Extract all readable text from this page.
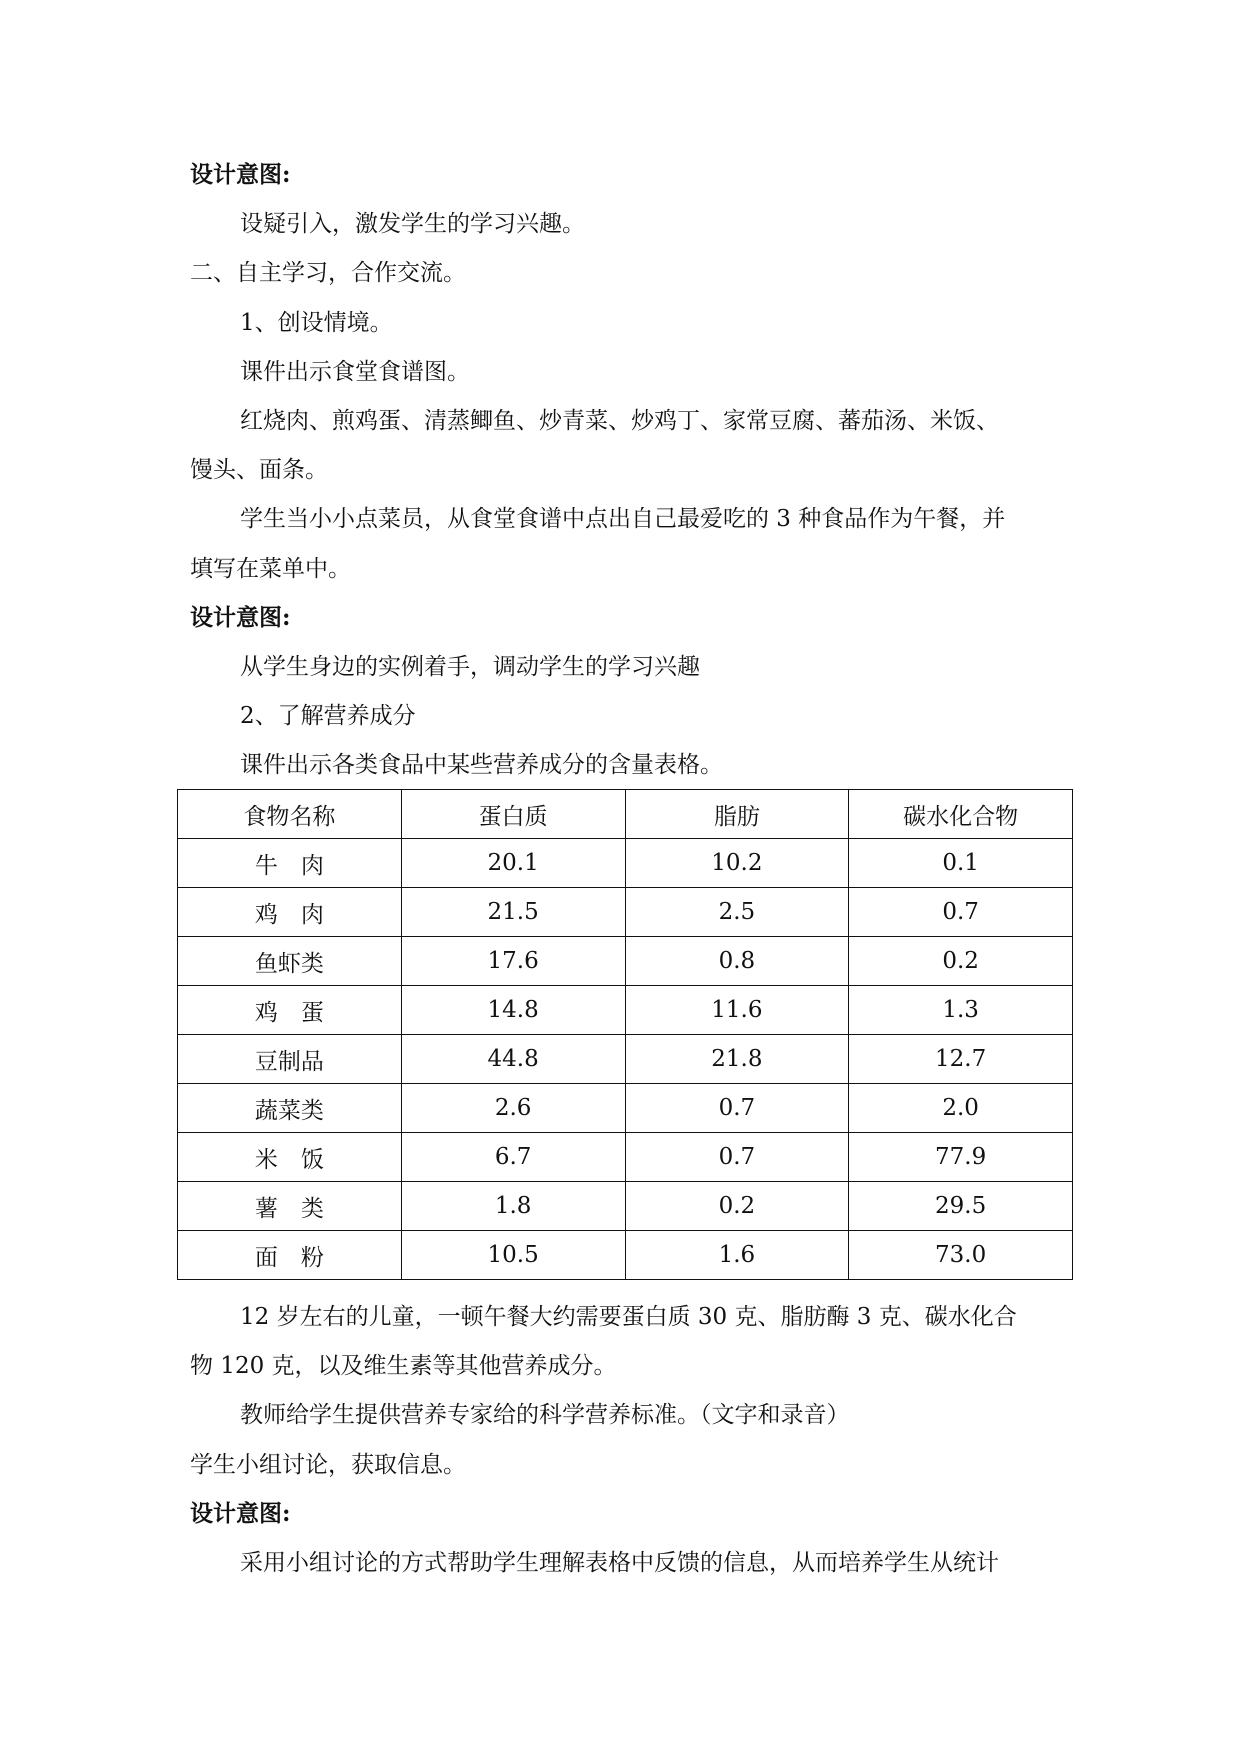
设计意图:
设疑引入，激发学生的学习兴趣。
二、自主学习，合作交流。
1、创设情境。
课件出示食堂食谱图。
红烧肉、煎鸡蛋、清蒸鲫鱼、炒青菜、炒鸡丁、家常豆腐、蕃茄汤、米饭、
馒头、面条。
学生当小小点菜员，从食堂食谱中点出自己最爱吃的 3 种食品作为午餐，并
填写在菜单中。
设计意图:
从学生身边的实例着手，调动学生的学习兴趣
2、了解营养成分
课件出示各类食品中某些营养成分的含量表格。
食物名称	蛋白质	脂肪	碳水化合物
牛　肉	20.1	10.2	0.1
鸡　肉	21.5	2.5	0.7
鱼虾类	17.6	0.8	0.2
鸡　蛋	14.8	11.6	1.3
豆制品	44.8	21.8	12.7
蔬菜类	2.6	0.7	2.0
米　饭	6.7	0.7	77.9
薯　类	1.8	0.2	29.5
面　粉	10.5	1.6	73.0
12 岁左右的儿童，一顿午餐大约需要蛋白质 30 克、脂肪酶 3 克、碳水化合
物 120 克，以及维生素等其他营养成分。
教师给学生提供营养专家给的科学营养标准。（文字和录音）
学生小组讨论，获取信息。
设计意图:
采用小组讨论的方式帮助学生理解表格中反馈的信息，从而培养学生从统计
